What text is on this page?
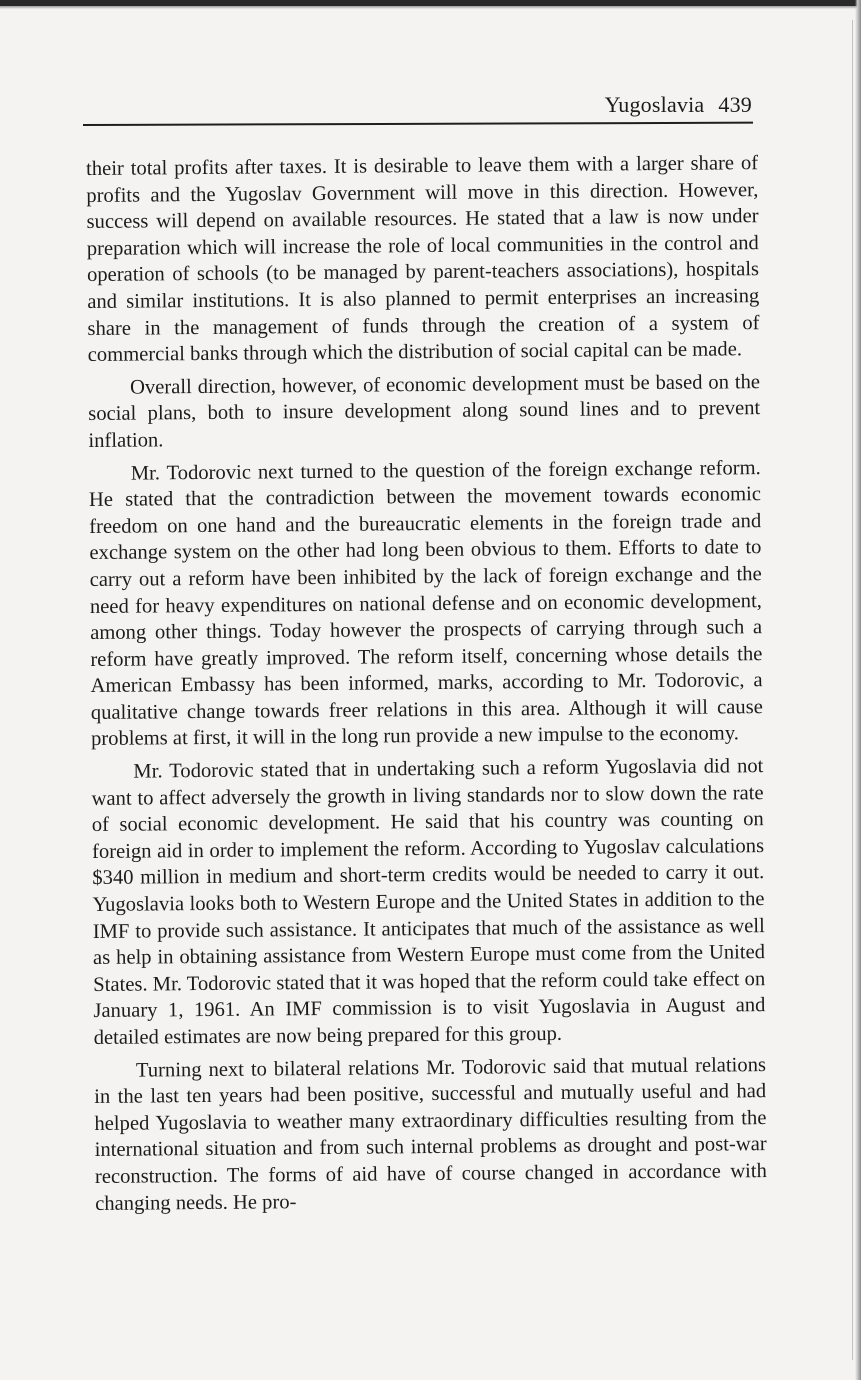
Yugoslavia 439

their total profits after taxes. It is desirable to leave them with a larger share of profits and the Yugoslav Government will move in this direction. However, success will depend on available resources. He stated that a law is now under preparation which will increase the role of local communities in the control and operation of schools (to be managed by parent-teachers associations), hospitals and similar institutions. It is also planned to permit enterprises an increasing share in the management of funds through the creation of a system of commercial banks through which the distribution of social capital can be made.

Overall direction, however, of economic development must be based on the social plans, both to insure development along sound lines and to prevent inflation.

Mr. Todorovic next turned to the question of the foreign exchange reform. He stated that the contradiction between the movement towards economic freedom on one hand and the bureaucratic elements in the foreign trade and exchange system on the other had long been obvious to them. Efforts to date to carry out a reform have been inhibited by the lack of foreign exchange and the need for heavy expenditures on national defense and on economic development, among other things. Today however the prospects of carrying through such a reform have greatly improved. The reform itself, concerning whose details the American Embassy has been informed, marks, according to Mr. Todorovic, a qualitative change towards freer relations in this area. Although it will cause problems at first, it will in the long run provide a new impulse to the economy.

Mr. Todorovic stated that in undertaking such a reform Yugoslavia did not want to affect adversely the growth in living standards nor to slow down the rate of social economic development. He said that his country was counting on foreign aid in order to implement the reform. According to Yugoslav calculations $340 million in medium and short-term credits would be needed to carry it out. Yugoslavia looks both to Western Europe and the United States in addition to the IMF to provide such assistance. It anticipates that much of the assistance as well as help in obtaining assistance from Western Europe must come from the United States. Mr. Todorovic stated that it was hoped that the reform could take effect on January 1, 1961. An IMF commission is to visit Yugoslavia in August and detailed estimates are now being prepared for this group.

Turning next to bilateral relations Mr. Todorovic said that mutual relations in the last ten years had been positive, successful and mutually useful and had helped Yugoslavia to weather many extraordinary difficulties resulting from the international situation and from such internal problems as drought and post-war reconstruction. The forms of aid have of course changed in accordance with changing needs. He pro-
